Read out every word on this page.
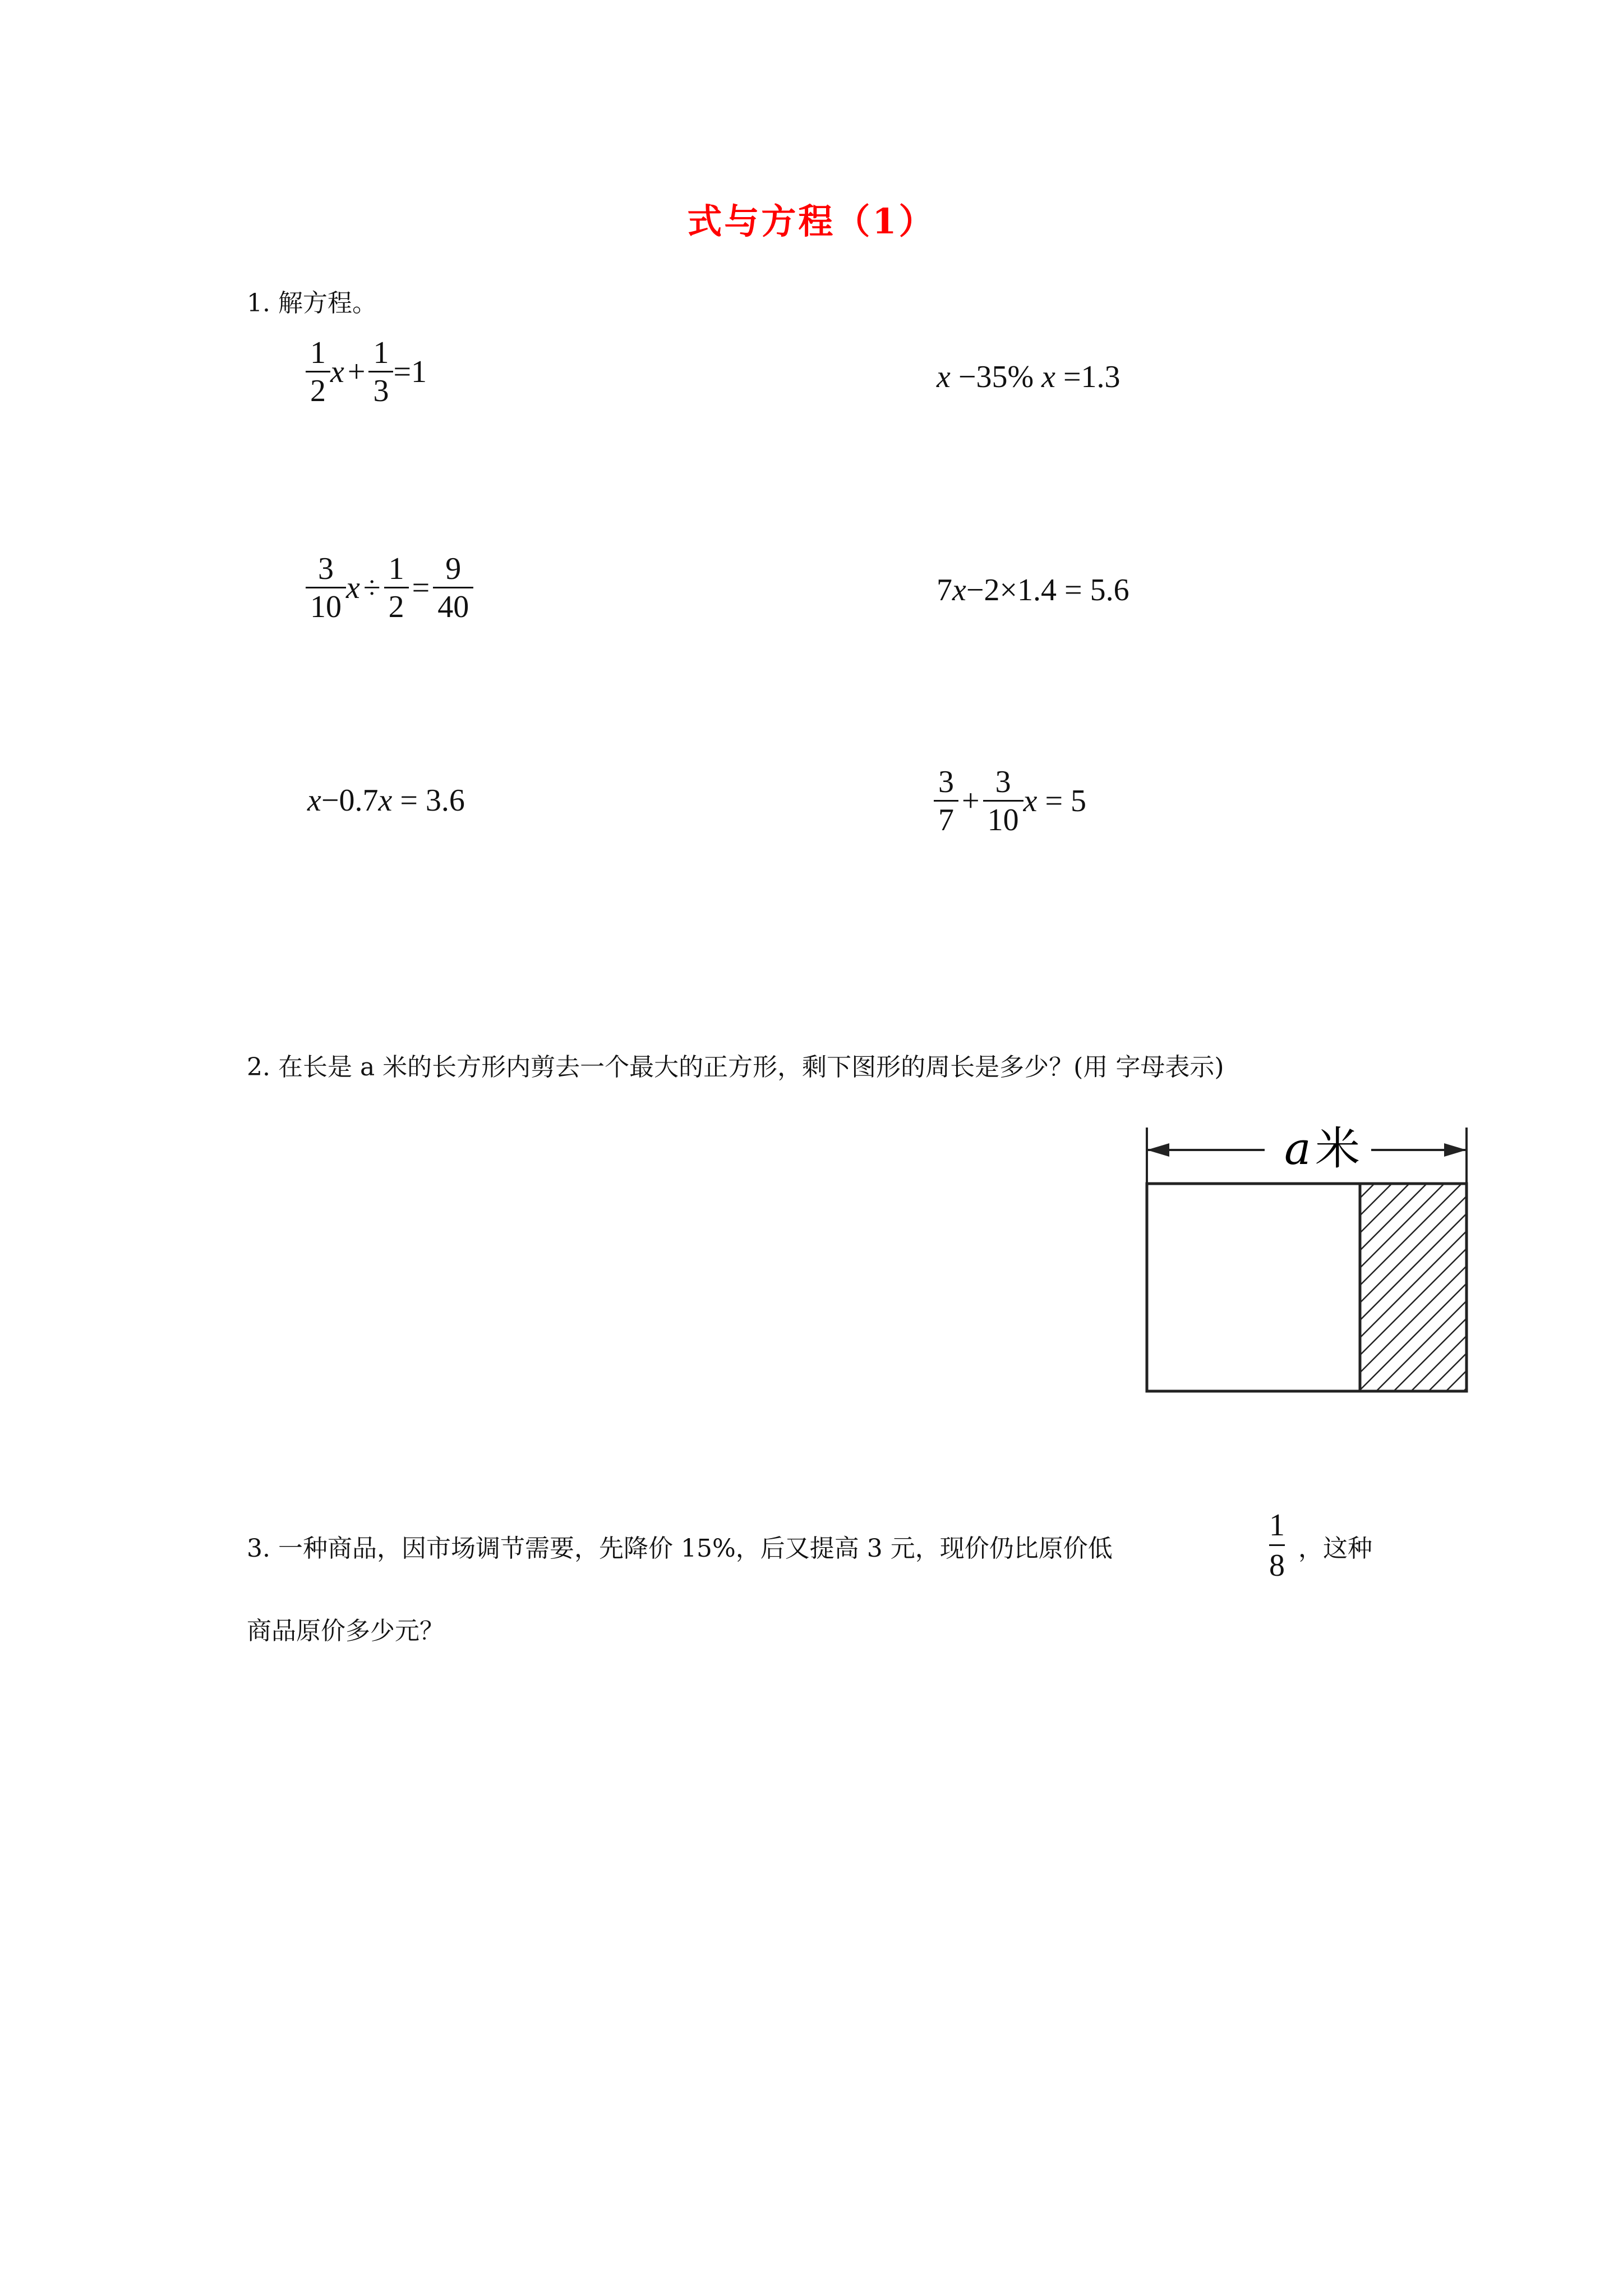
式与方程（1）
1. 解方程。
$\frac{1}{2}$ $x + \frac{1}{3} =1$	x −35% x =1.3
$\frac{3}{10}$ $x \div \frac{1}{2} = \frac{9}{40}$	7 x −2×1.4 = 5.6
x −0.7 x = 3.6	$\frac{3}{7} + \frac{3}{10}$ x = 5
2. 在长是 a 米的长方形内剪去一个最大的正方形，剩下图形的周长是多少？(用 字母表示)
a 米
3. 一种商品，因市场调节需要，先降价 15%，后又提高 3 元，现价仍比原价低	$\frac{1}{8}$ ，这种
商品原价多少元？
